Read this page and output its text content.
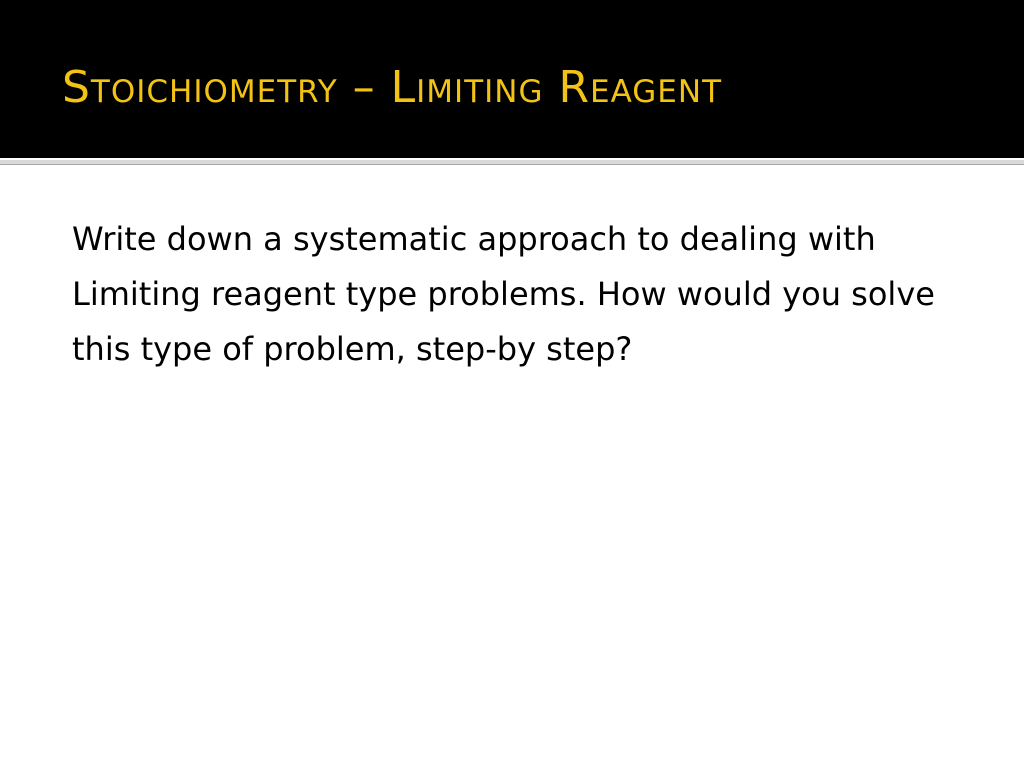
Stoichiometry – Limiting Reagent

Write down a systematic approach to dealing with Limiting reagent type problems. How would you solve this type of problem, step-by step?
